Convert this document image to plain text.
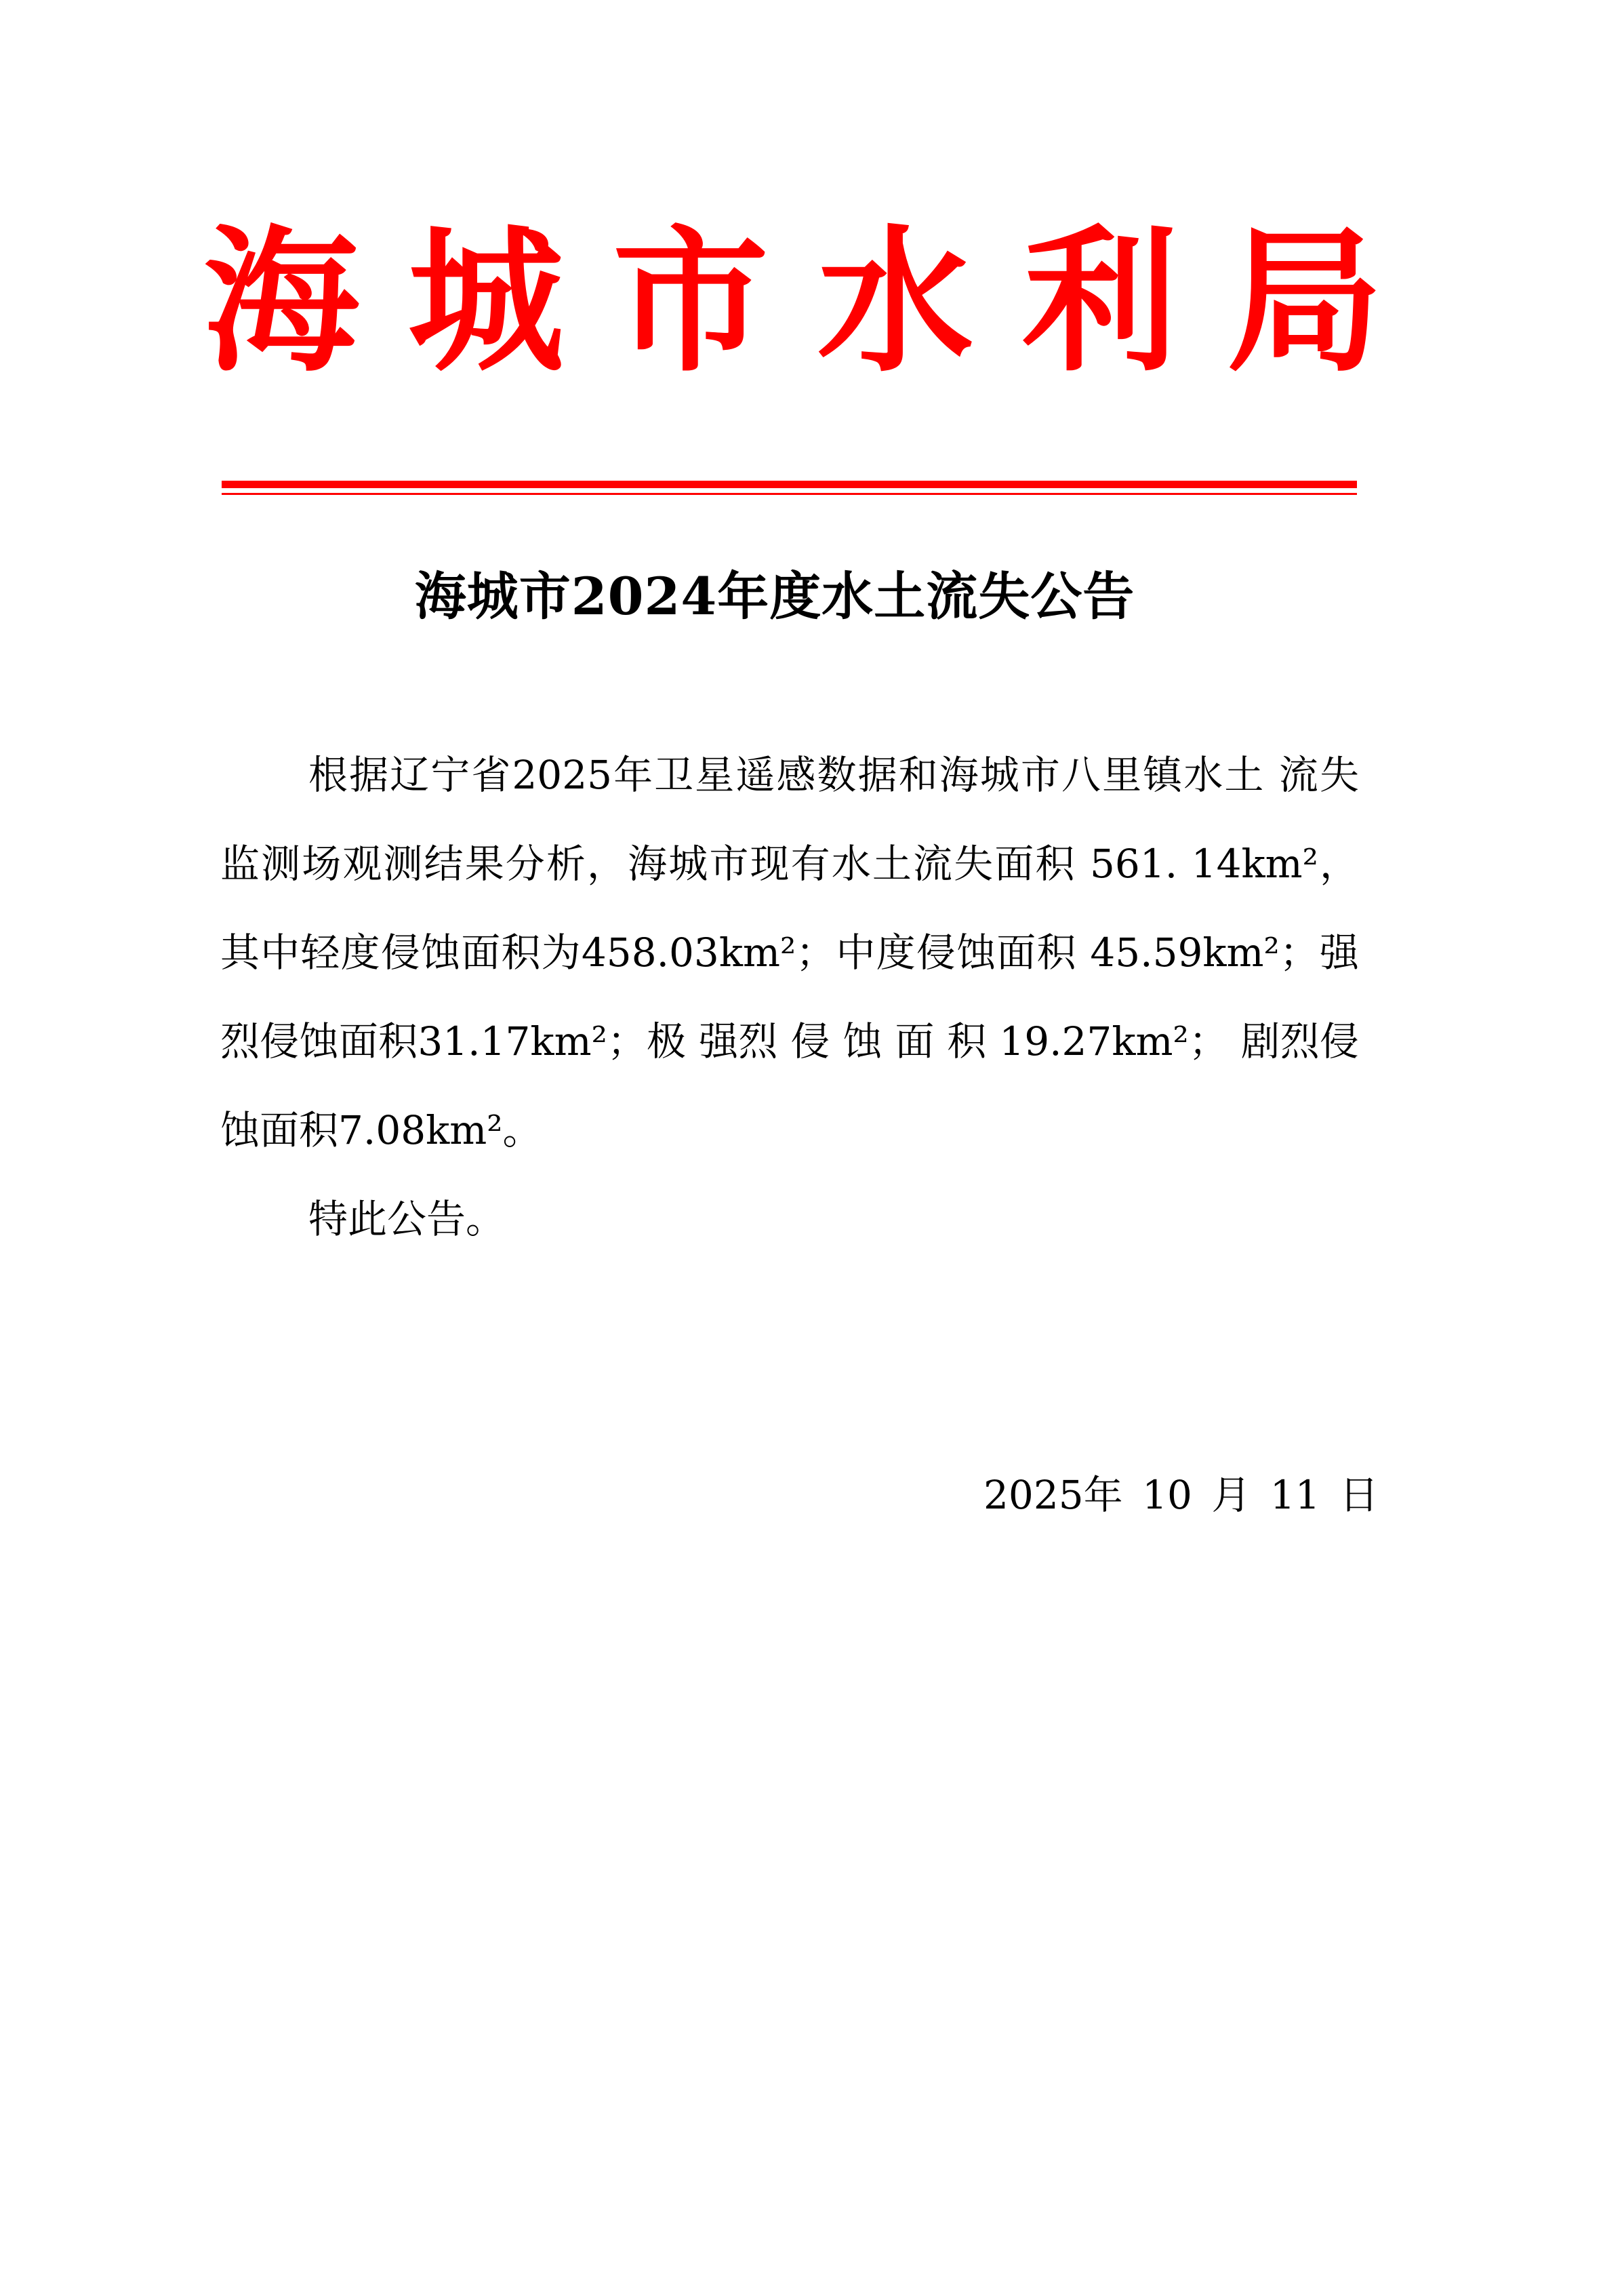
海 城 市 水 利 局
海城市2024年度水土流失公告
根据辽宁省2025年卫星遥感数据和海城市八里镇水土 流失监测场观测结果分析，海城市现有水土流失面积 561. 14km²，其中轻度侵蚀面积为458.03km²；中度侵蚀面积 45.59km²；强烈侵蚀面积31.17km²；极 强烈 侵 蚀 面 积 19.27km²； 剧烈侵蚀面积7.08km²。
特此公告。
2025年 10 月 11 日
